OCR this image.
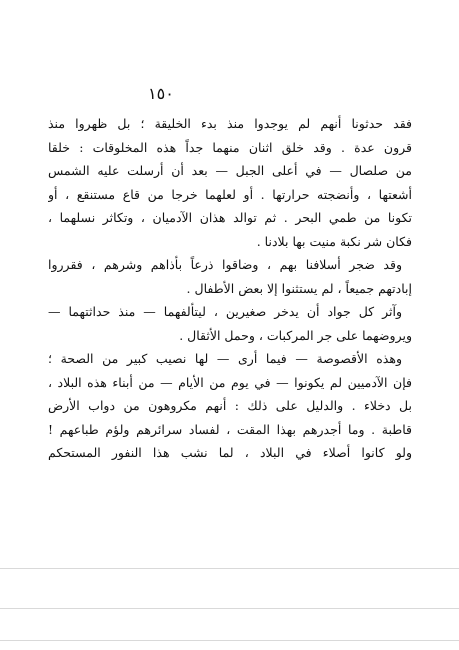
١٥٠
فقد حدثونا أنهم لم يوجدوا منذ بدء الخليقة ؛ بل ظهروا منذ
قرون عدة . وقد خلق اثنان منهما جداً هذه المخلوقات : خلقا
من صلصال — في أعلى الجبل — بعد أن أرسلت عليه الشمس
أشعتها ، وأنضجته حرارتها . أو لعلهما خرجا من قاع مستنقع ، أو
تكونا من طمي البحر . ثم توالد هذان الآدميان ، وتكاثر نسلهما ،
فكان شر نكبة منيت بها بلادنا .
وقد ضجر أسلافنا بهم ، وضاقوا ذرعاً بأذاهم وشرهم ، فقرروا
إبادتهم جميعاً ، لم يستثنوا إلا بعض الأطفال .
وآثر كل جواد أن يدخر صغيرين ، ليتألفهما — منذ حداثتهما —
ويروضهما على جر المركبات ، وحمل الأثقال .
وهذه الأقصوصة — فيما أرى — لها نصيب كبير من الصحة ؛
فإن الآدميين لم يكونوا — في يوم من الأيام — من أبناء هذه البلاد ،
بل دخلاء . والدليل على ذلك : أنهم مكروهون من دواب الأرض
قاطبة . وما أجدرهم بهذا المقت ، لفساد سرائرهم ولؤم طباعهم !
ولو كانوا أصلاء في البلاد ، لما نشب هذا النفور المستحكم
